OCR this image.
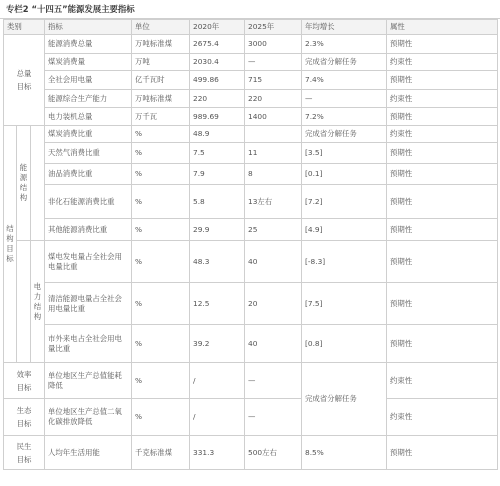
专栏2 “十四五”能源发展主要指标
类别			指标	单位	2020年	2025年	年均增长	属性

总量目标			能源消费总量	万吨标准煤	2675.4	3000	2.3%	预期性
			煤炭消费量	万吨	2030.4	—	完成省分解任务	约束性
			全社会用电量	亿千瓦时	499.86	715	7.4%	预期性
			能源综合生产能力	万吨标准煤	220	220	—	约束性
			电力装机总量	万千瓦	989.69	1400	7.2%	预期性
结构目标	能源结构		煤炭消费比重	%	48.9		完成省分解任务	约束性
			天然气消费比重	%	7.5	11	[3.5]	预期性
			油品消费比重	%	7.9	8	[0.1]	预期性
			非化石能源消费比重	%	5.8	13左右	[7.2]	预期性
			其他能源消费比重	%	29.9	25	[4.9]	预期性
		电力结构	煤电发电量占全社会用电量比重	%	48.3	40	[-8.3]	预期性
			清洁能源电量占全社会用电量比重	%	12.5	20	[7.5]	预期性
			市外来电占全社会用电量比重	%	39.2	40	[0.8]	预期性

效率目标			单位地区生产总值能耗降低	%	/	—	完成省分解任务	约束性

生态目标			单位地区生产总值二氧化碳排放降低	%	/	—		约束性

民生目标			人均年生活用能	千克标准煤	331.3	500左右	8.5%	预期性
